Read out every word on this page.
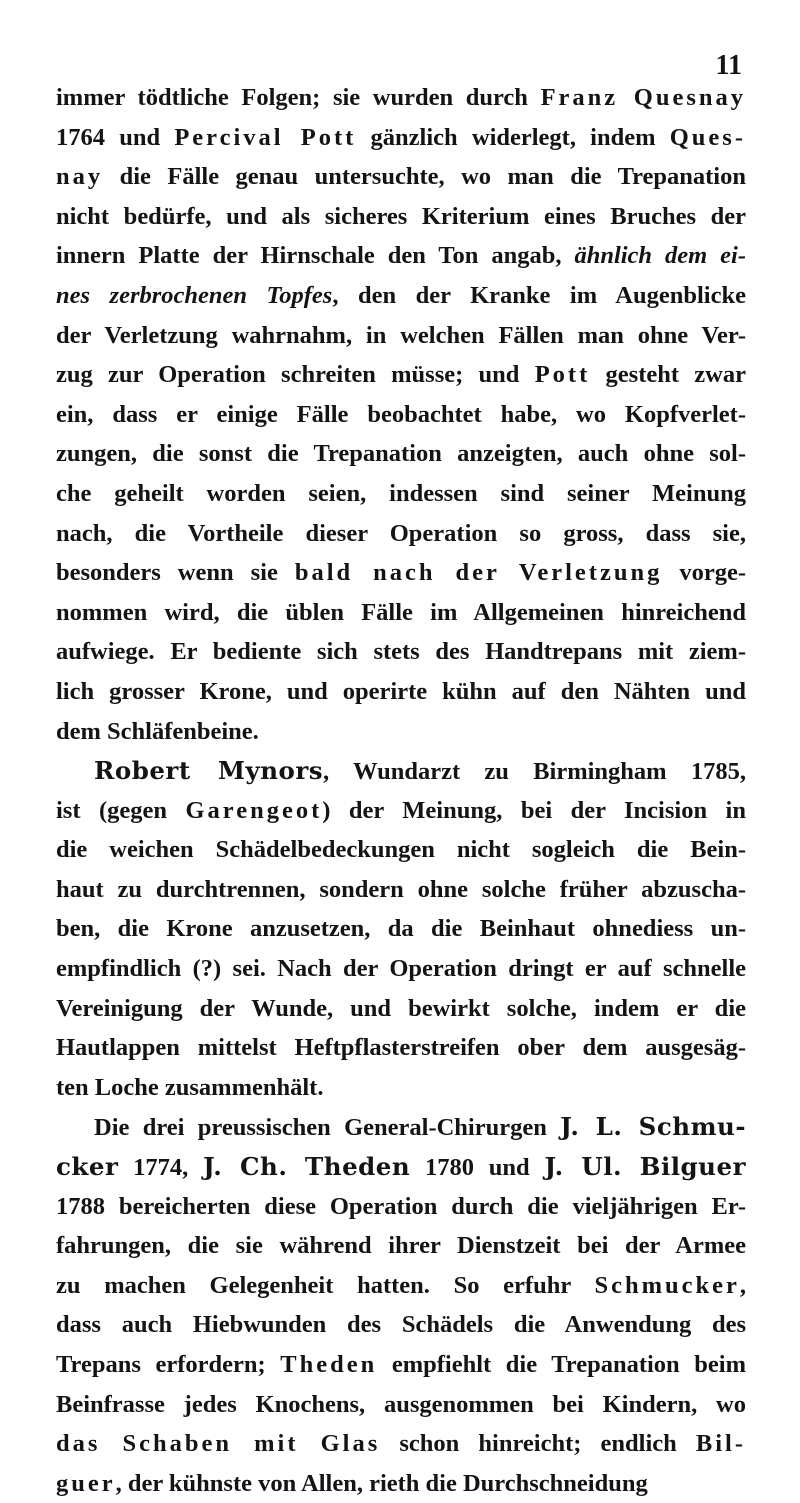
11
immer tödtliche Folgen; sie wurden durch Franz Quesnay
1764 und Percival Pott gänzlich widerlegt, indem Ques-
nay die Fälle genau untersuchte, wo man die Trepanation
nicht bedürfe, und als sicheres Kriterium eines Bruches der
innern Platte der Hirnschale den Ton angab, ähnlich dem ei-
nes zerbrochenen Topfes, den der Kranke im Augenblicke
der Verletzung wahrnahm, in welchen Fällen man ohne Ver-
zug zur Operation schreiten müsse; und Pott gesteht zwar
ein, dass er einige Fälle beobachtet habe, wo Kopfverlet-
zungen, die sonst die Trepanation anzeigten, auch ohne sol-
che geheilt worden seien, indessen sind seiner Meinung
nach, die Vortheile dieser Operation so gross, dass sie,
besonders wenn sie bald nach der Verletzung vorge-
nommen wird, die üblen Fälle im Allgemeinen hinreichend
aufwiege. Er bediente sich stets des Handtrepans mit ziem-
lich grosser Krone, und operirte kühn auf den Nähten und
dem Schläfenbeine.
Robert Mynors, Wundarzt zu Birmingham 1785,
ist (gegen Garengeot) der Meinung, bei der Incision in
die weichen Schädelbedeckungen nicht sogleich die Bein-
haut zu durchtrennen, sondern ohne solche früher abzuscha-
ben, die Krone anzusetzen, da die Beinhaut ohnediess un-
empfindlich (?) sei. Nach der Operation dringt er auf schnelle
Vereinigung der Wunde, und bewirkt solche, indem er die
Hautlappen mittelst Heftpflasterstreifen ober dem ausgesäg-
ten Loche zusammenhält.
Die drei preussischen General-Chirurgen J. L. Schmu-
cker 1774, J. Ch. Theden 1780 und J. Ul. Bilguer
1788 bereicherten diese Operation durch die vieljährigen Er-
fahrungen, die sie während ihrer Dienstzeit bei der Armee
zu machen Gelegenheit hatten. So erfuhr Schmucker,
dass auch Hiebwunden des Schädels die Anwendung des
Trepans erfordern; Theden empfiehlt die Trepanation beim
Beinfrasse jedes Knochens, ausgenommen bei Kindern, wo
das Schaben mit Glas schon hinreicht; endlich Bil-
guer, der kühnste von Allen, rieth die Durchschneidung
